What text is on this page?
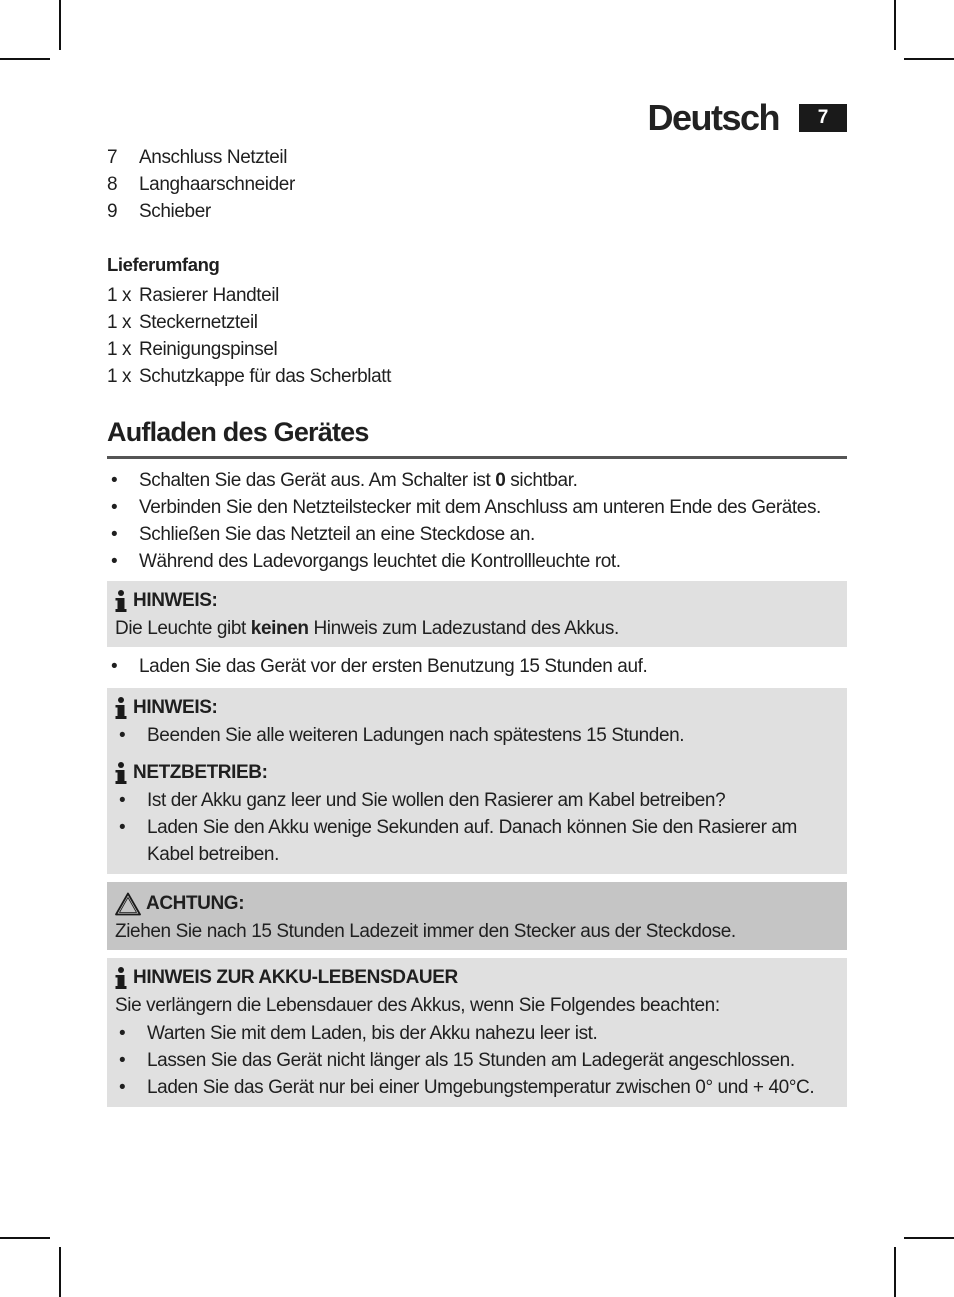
Deutsch	7
7	Anschluss Netzteil
8	Langhaarschneider
9	Schieber
Lieferumfang
1 x Rasierer Handteil
1 x Steckernetzteil
1 x Reinigungspinsel
1 x Schutzkappe für das Scherblatt
Aufladen des Gerätes
•	Schalten Sie das Gerät aus. Am Schalter ist 0 sichtbar.
•	Verbinden Sie den Netzteilstecker mit dem Anschluss am unteren Ende des Gerätes.
•	Schließen Sie das Netzteil an eine Steckdose an.
•	Während des Ladevorgangs leuchtet die Kontrollleuchte rot.
HINWEIS:
Die Leuchte gibt keinen Hinweis zum Ladezustand des Akkus.
•	Laden Sie das Gerät vor der ersten Benutzung 15 Stunden auf.
HINWEIS:
•	Beenden Sie alle weiteren Ladungen nach spätestens 15 Stunden.
NETZBETRIEB:
•	Ist der Akku ganz leer und Sie wollen den Rasierer am Kabel betreiben?
•	Laden Sie den Akku wenige Sekunden auf. Danach können Sie den Rasierer am Kabel betreiben.
ACHTUNG:
Ziehen Sie nach 15 Stunden Ladezeit immer den Stecker aus der Steckdose.
HINWEIS ZUR AKKU-LEBENSDAUER
Sie verlängern die Lebensdauer des Akkus, wenn Sie Folgendes beachten:
•	Warten Sie mit dem Laden, bis der Akku nahezu leer ist.
•	Lassen Sie das Gerät nicht länger als 15 Stunden am Ladegerät angeschlossen.
•	Laden Sie das Gerät nur bei einer Umgebungstemperatur zwischen 0° und + 40°C.
